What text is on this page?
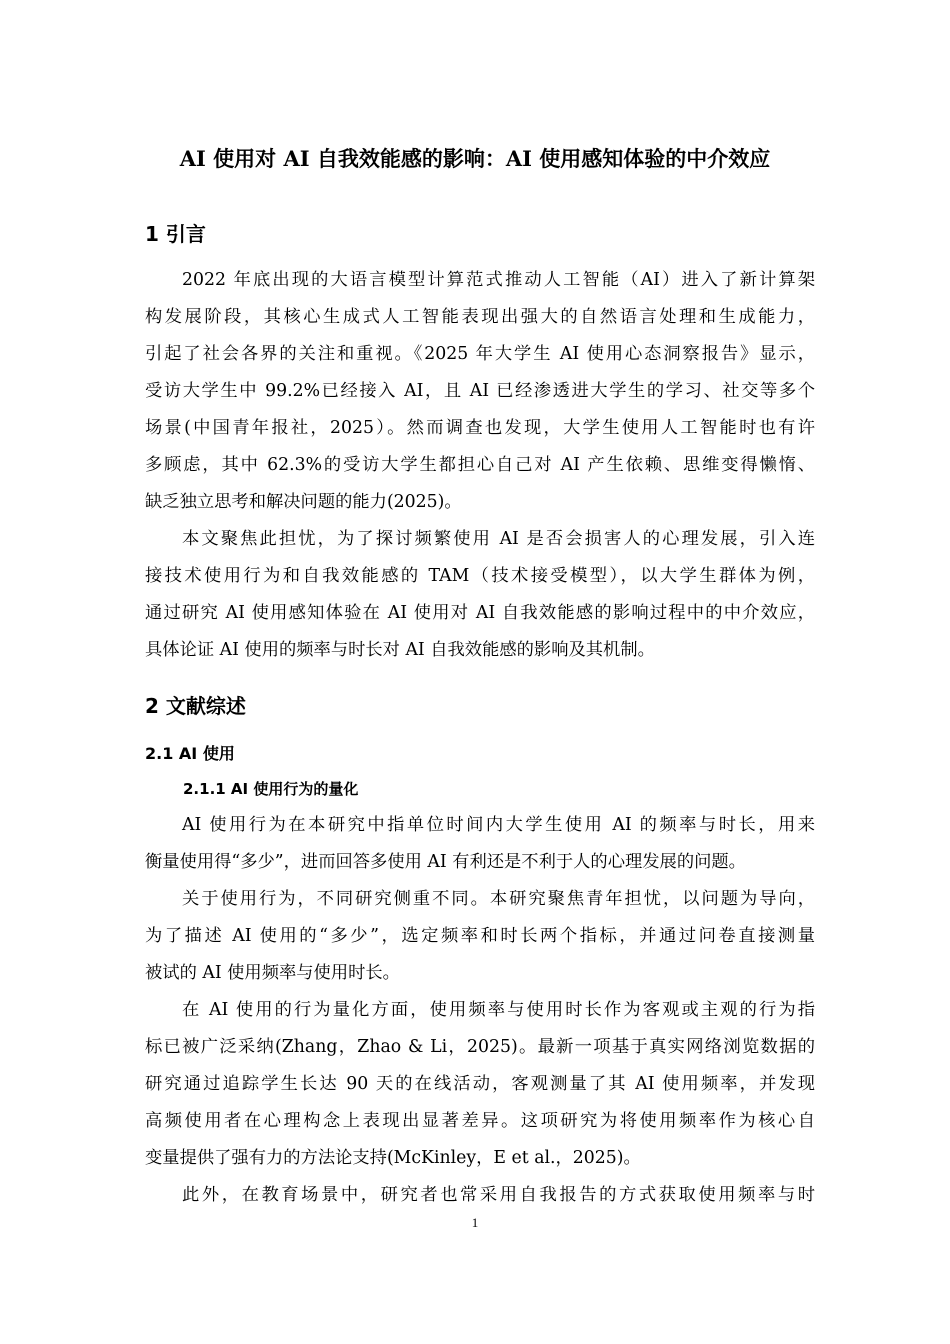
AI 使用对 AI 自我效能感的影响：AI 使用感知体验的中介效应
1 引言
2022 年底出现的大语言模型计算范式推动人工智能（AI）进入了新计算架
构发展阶段，其核心生成式人工智能表现出强大的自然语言处理和生成能力，
引起了社会各界的关注和重视。《2025 年大学生 AI 使用心态洞察报告》显示，
受访大学生中 99.2%已经接入 AI，且 AI 已经渗透进大学生的学习、社交等多个
场景(中国青年报社，2025）。然而调查也发现，大学生使用人工智能时也有许
多顾虑，其中 62.3%的受访大学生都担心自己对 AI 产生依赖、思维变得懒惰、
缺乏独立思考和解决问题的能力(2025)。
本文聚焦此担忧，为了探讨频繁使用 AI 是否会损害人的心理发展，引入连
接技术使用行为和自我效能感的 TAM（技术接受模型），以大学生群体为例，
通过研究 AI 使用感知体验在 AI 使用对 AI 自我效能感的影响过程中的中介效应，
具体论证 AI 使用的频率与时长对 AI 自我效能感的影响及其机制。
2 文献综述
2.1 AI 使用
2.1.1 AI 使用行为的量化
AI 使用行为在本研究中指单位时间内大学生使用 AI 的频率与时长，用来
衡量使用得“多少”，进而回答多使用 AI 有利还是不利于人的心理发展的问题。
关于使用行为，不同研究侧重不同。本研究聚焦青年担忧，以问题为导向，
为了描述 AI 使用的“多少”，选定频率和时长两个指标，并通过问卷直接测量
被试的 AI 使用频率与使用时长。
在 AI 使用的行为量化方面，使用频率与使用时长作为客观或主观的行为指
标已被广泛采纳(Zhang，Zhao & Li，2025)。最新一项基于真实网络浏览数据的
研究通过追踪学生长达 90 天的在线活动，客观测量了其 AI 使用频率，并发现
高频使用者在心理构念上表现出显著差异。这项研究为将使用频率作为核心自
变量提供了强有力的方法论支持(McKinley，E et al.，2025)。
此外，在教育场景中，研究者也常采用自我报告的方式获取使用频率与时
1
